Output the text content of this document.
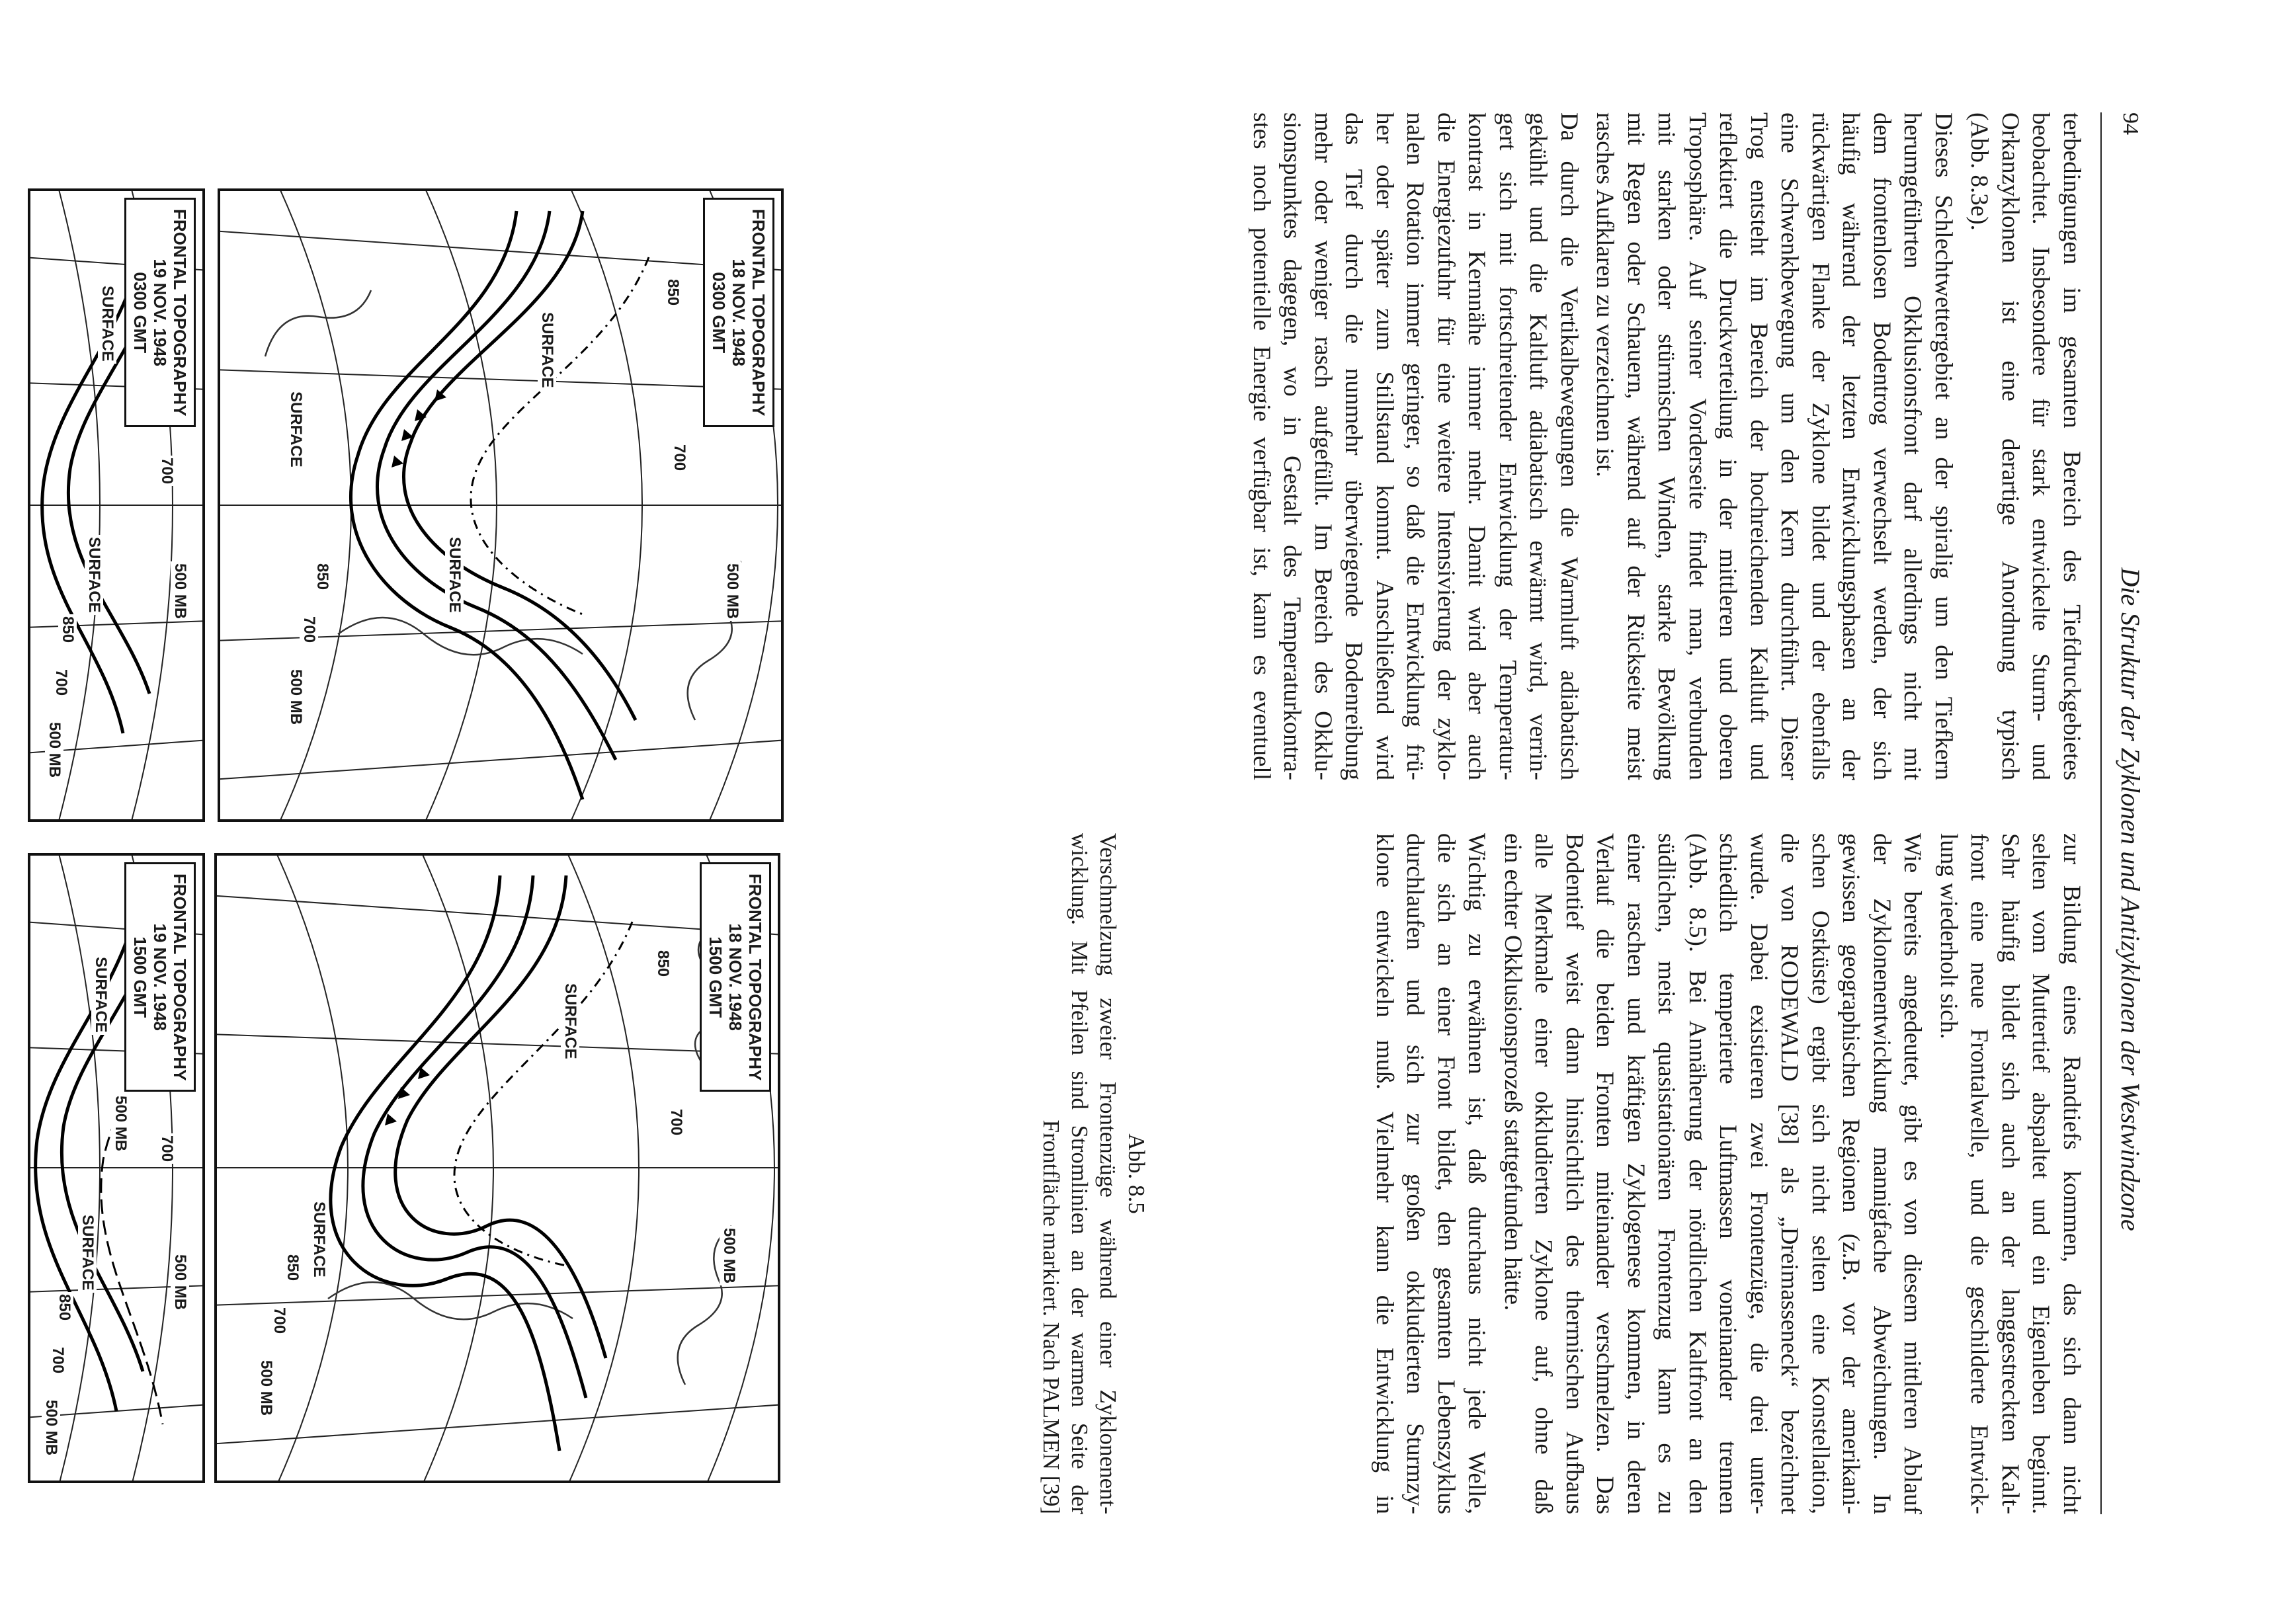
94
Die Struktur der Zyklonen und Antizyklonen der Westwindzone

terbedingungen im gesamten Bereich des Tiefdruckgebietes
beobachtet. Insbesondere für stark entwickelte Sturm- und
Orkanzyklonen ist eine derartige Anordnung typisch
(Abb. 8.3e).

Dieses Schlechtwettergebiet an der spiralig um den Tiefkern
herumgeführten Okklusionsfront darf allerdings nicht mit
dem frontenlosen Bodentrog verwechselt werden, der sich
häufig während der letzten Entwicklungsphasen an der
rückwärtigen Flanke der Zyklone bildet und der ebenfalls
eine Schwenkbewegung um den Kern durchführt. Dieser
Trog entsteht im Bereich der hochreichenden Kaltluft und
reflektiert die Druckverteilung in der mittleren und oberen
Troposphäre. Auf seiner Vorderseite findet man, verbunden
mit starken oder stürmischen Winden, starke Bewölkung
mit Regen oder Schauern, während auf der Rückseite meist
rasches Aufklaren zu verzeichnen ist.

Da durch die Vertikalbewegungen die Warmluft adiabatisch
gekühlt und die Kaltluft adiabatisch erwärmt wird, verrin-
gert sich mit fortschreitender Entwicklung der Temperatur-
kontrast in Kernnähe immer mehr. Damit wird aber auch
die Energiezufuhr für eine weitere Intensivierung der zyklo-
nalen Rotation immer geringer, so daß die Entwicklung frü-
her oder später zum Stillstand kommt. Anschließend wird
das Tief durch die nunmehr überwiegende Bodenreibung
mehr oder weniger rasch aufgefüllt. Im Bereich des Okklu-
sionspunktes dagegen, wo in Gestalt des Temperaturkontra-
stes noch potentielle Energie verfügbar ist, kann es eventuell

zur Bildung eines Randtiefs kommen, das sich dann nicht
selten vom Muttertief abspaltet und ein Eigenleben beginnt.
Sehr häufig bildet sich auch an der langgestreckten Kalt-
front eine neue Frontalwelle, und die geschilderte Entwick-
lung wiederholt sich.

Wie bereits angedeutet, gibt es von diesem mittleren Ablauf
der Zyklonenentwicklung mannigfache Abweichungen. In
gewissen geographischen Regionen (z.B. vor der amerikani-
schen Ostküste) ergibt sich nicht selten eine Konstellation,
die von RODEWALD [38] als „Dreimasseneck“ bezeichnet
wurde. Dabei existieren zwei Frontenzüge, die drei unter-
schiedlich temperierte Luftmassen voneinander trennen
(Abb. 8.5). Bei Annäherung der nördlichen Kaltfront an den
südlichen, meist quasistationären Frontenzug kann es zu
einer raschen und kräftigen Zyklogenese kommen, in deren
Verlauf die beiden Fronten miteinander verschmelzen. Das
Bodentief weist dann hinsichtlich des thermischen Aufbaus
alle Merkmale einer okkludierten Zyklone auf, ohne daß
ein echter Okklusionsprozeß stattgefunden hätte.

Wichtig zu erwähnen ist, daß durchaus nicht jede Welle,
die sich an einer Front bildet, den gesamten Lebenszyklus
durchlaufen und sich zur großen okkludierten Sturmzy-
klone entwickeln muß. Vielmehr kann die Entwicklung in

Abb. 8.5
Verschmelzung zweier Frontenzüge während einer Zyklonenent-
wicklung. Mit Pfeilen sind Stromlinien an der warmen Seite der
Frontfläche markiert. Nach PALMEN [39]
500 MB
700
850
SURFACE
SURFACE
SURFACE
850
700
500 MB
FRONTAL TOPOGRAPHY
18 NOV. 1948
0300 GMT
500 MB
700
850
SURFACE
SURFACE
850
700
500 MB
FRONTAL TOPOGRAPHY
18 NOV. 1948
1500 GMT
500 MB
700
SURFACE
SURFACE
850
700
500 MB
FRONTAL TOPOGRAPHY
19 NOV. 1948
0300 GMT
500 MB
700
500 MB
SURFACE
SURFACE
850
700
500 MB
FRONTAL TOPOGRAPHY
19 NOV. 1948
1500 GMT
